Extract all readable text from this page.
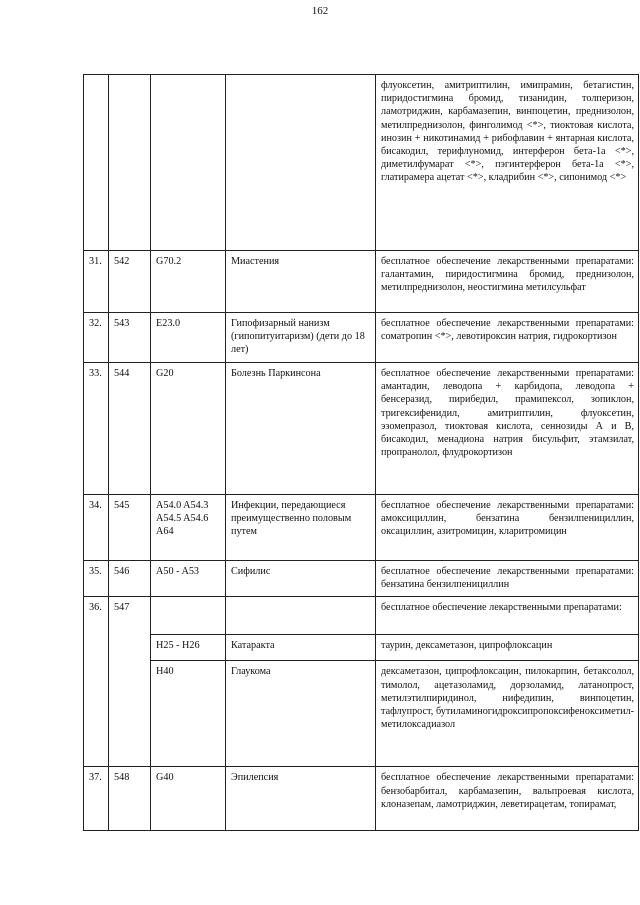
162
				флуоксетин, амитриптилин, имипрамин, бетагистин, пиридостигмина бромид, тизанидин, толперизон, ламотриджин, карбамазепин, винпоцетин, преднизолон, метилпреднизолон, финголимод <*>, тиоктовая кислота, инозин + никотинамид + рибофлавин + янтарная кислота, бисакодил, терифлуномид, интерферон бета-1а <*>, диметилфумарат <*>, пэгинтерферон бета-1а <*>, глатирамера ацетат <*>, кладрибин <*>, сипонимод <*>
31.	542	G70.2	Миастения	бесплатное обеспечение лекарственными препаратами: галантамин, пиридостигмина бромид, преднизолон, метилпреднизолон, неостигмина метилсульфат
32.	543	E23.0	Гипофизарный нанизм (гипопитуитаризм) (дети до 18 лет)	бесплатное обеспечение лекарственными препаратами: соматропин <*>, левотироксин натрия, гидрокортизон
33.	544	G20	Болезнь Паркинсона	бесплатное обеспечение лекарственными препаратами: амантадин, леводопа + карбидопа, леводопа + бенсеразид, пирибедил, прамипексол, зопиклон, тригексифенидил, амитриптилин, флуоксетин, эзомепразол, тиоктовая кислота, сеннозиды А и В, бисакодил, менадиона натрия бисульфит, этамзилат, пропранолол, флудрокортизон
34.	545	A54.0 A54.3 A54.5 A54.6 A64	Инфекции, передающиеся преимущественно половым путем	бесплатное обеспечение лекарственными препаратами: амоксициллин, бензатина бензилпенициллин, оксациллин, азитромицин, кларитромицин
35.	546	A50 - A53	Сифилис	бесплатное обеспечение лекарственными препаратами: бензатина бензилпенициллин
36.	547			бесплатное обеспечение лекарственными препаратами:
		H25 - H26	Катаракта	таурин, дексаметазон, ципрофлоксацин
		H40	Глаукома	дексаметазон, ципрофлоксацин, пилокарпин, бетаксолол, тимолол, ацетазоламид, дорзоламид, латанопрост, метилэтилпиридинол, нифедипин, винпоцетин, тафлупрост, бутиламиногидроксипропоксифеноксиметил-метилоксадиазол
37.	548	G40	Эпилепсия	бесплатное обеспечение лекарственными препаратами: бензобарбитал, карбамазепин, вальпроевая кислота, клоназепам, ламотриджин, леветирацетам, топирамат,
